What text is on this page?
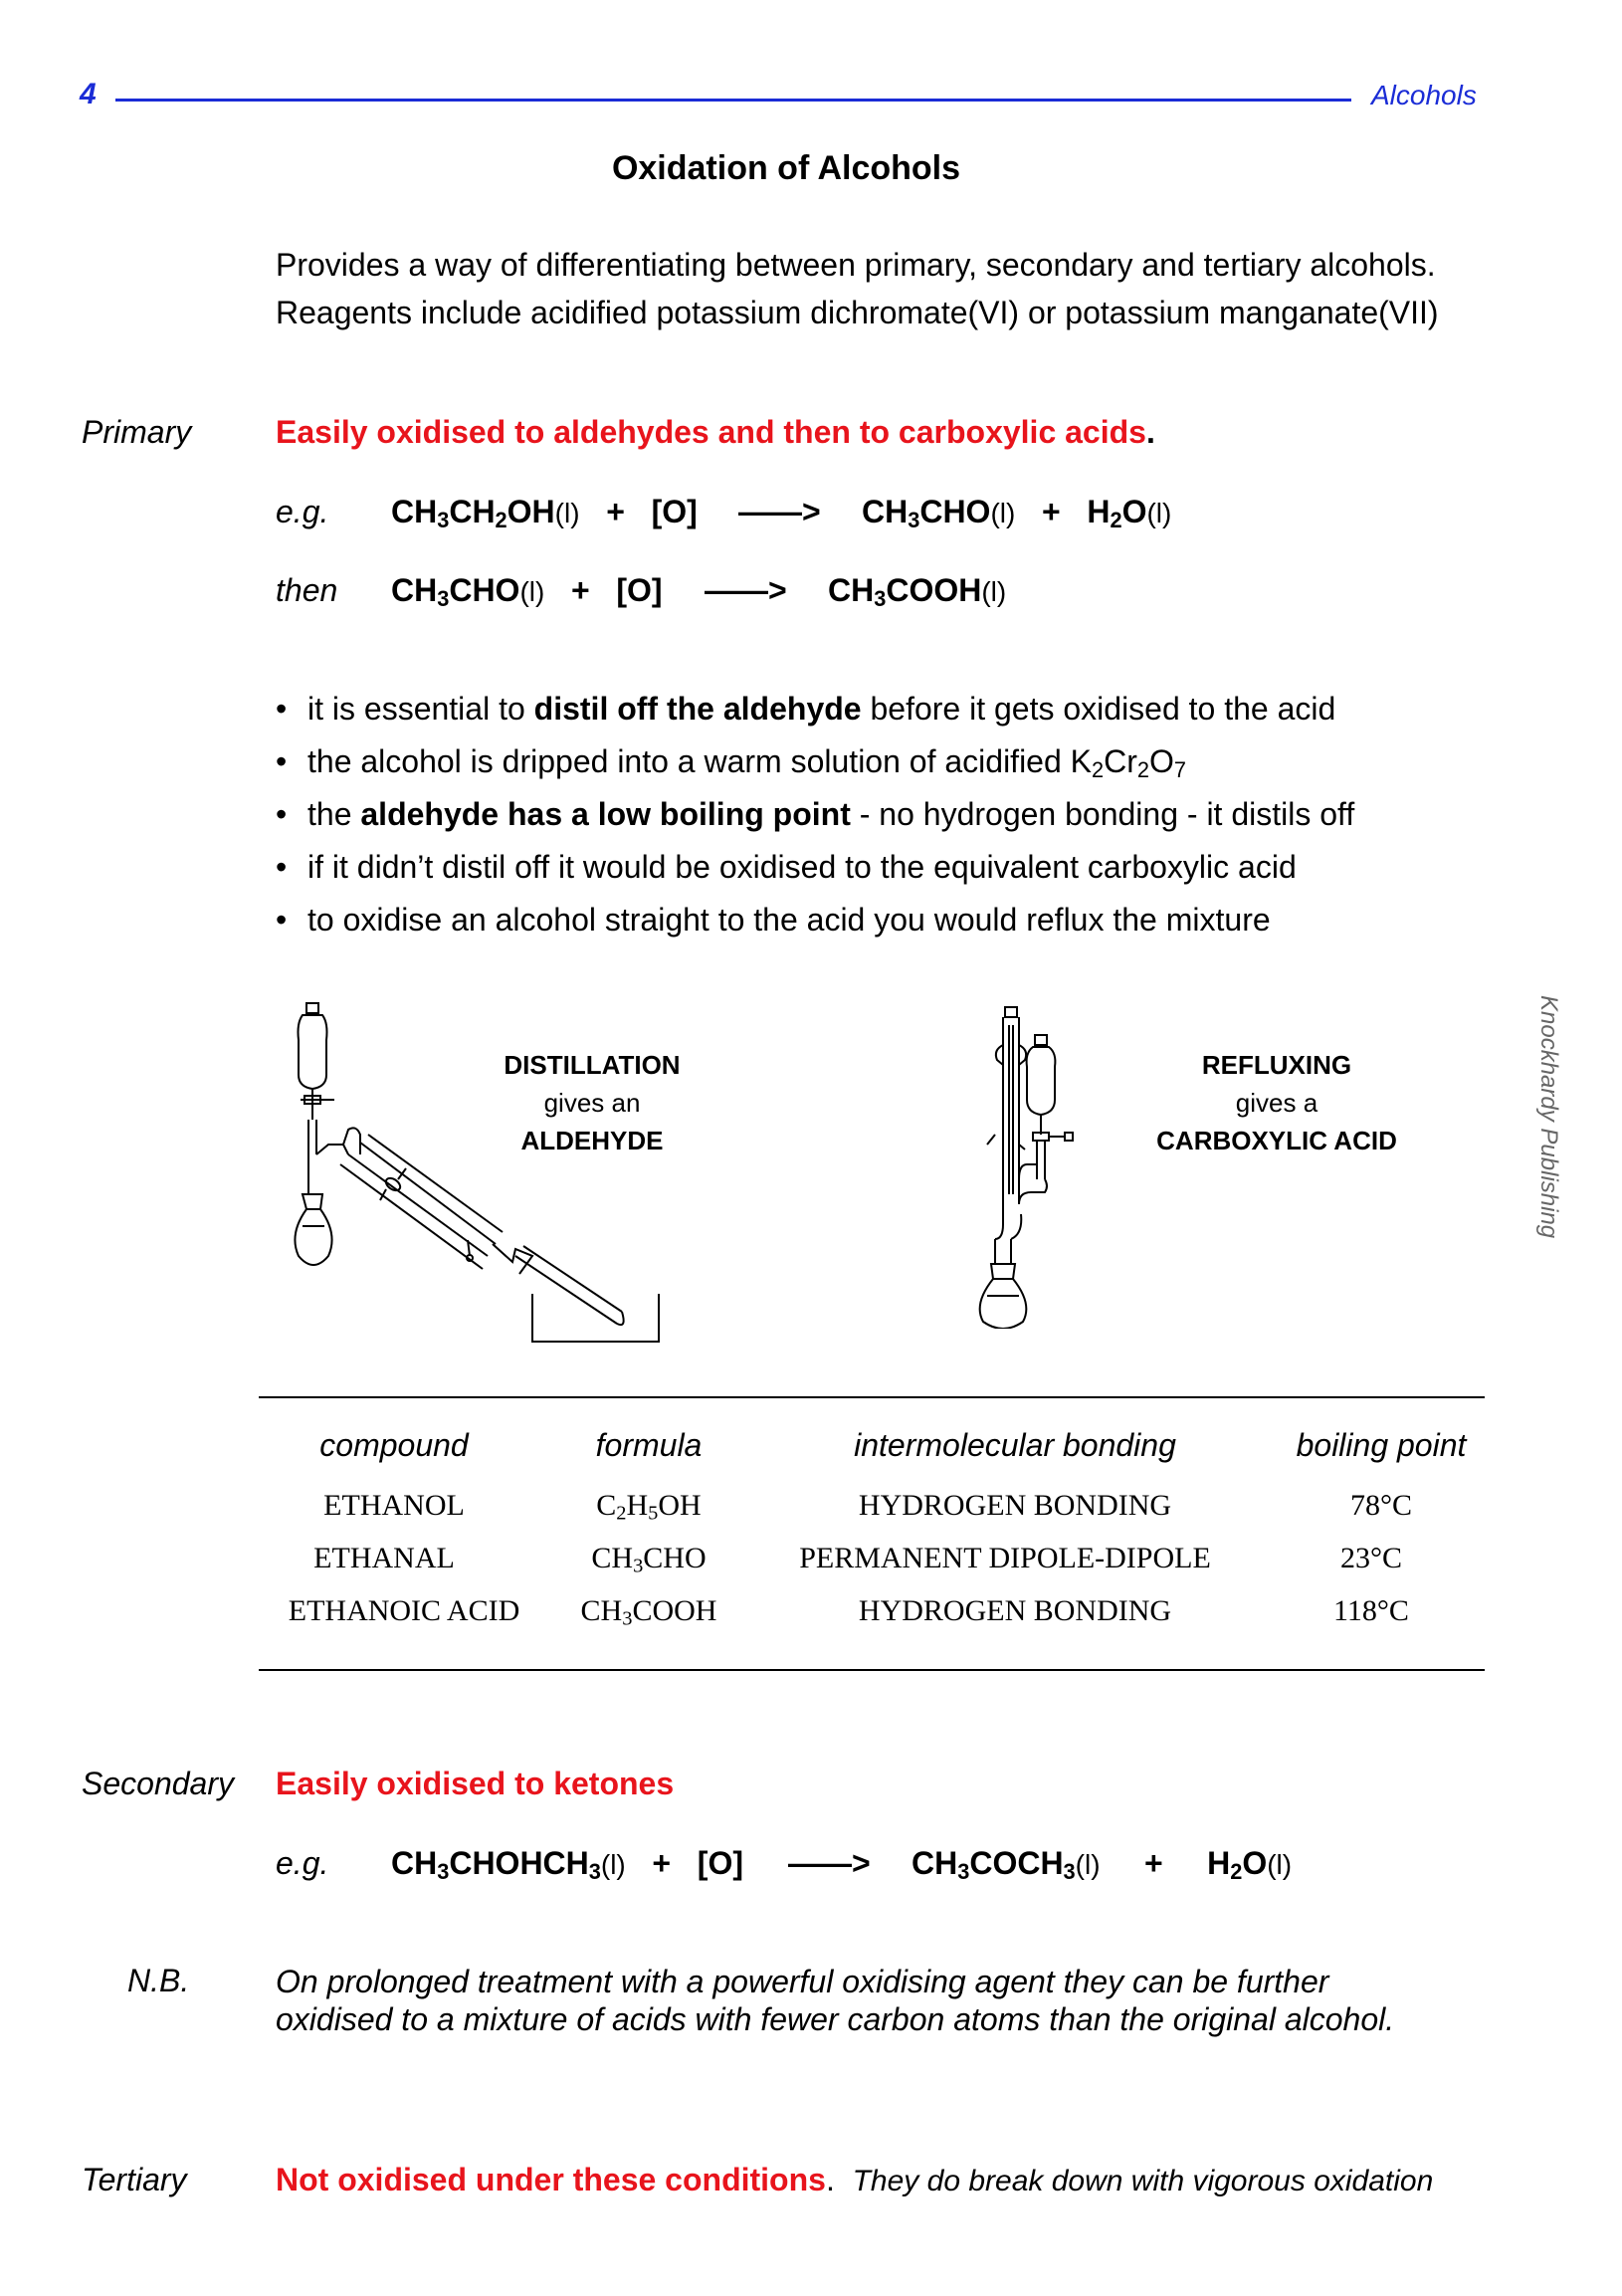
4	Alcohols
Knockhardy Publishing
Oxidation of Alcohols
Provides a way of differentiating between primary, secondary and tertiary alcohols.
Reagents include acidified potassium dichromate(VI) or potassium manganate(VII)
Primary	Easily oxidised to aldehydes and then to carboxylic acids.
e.g. $CH_3CH_2OH(l) + [O]$ ——> $CH_3CHO(l) + H_2O(l)$
then $CH_3CHO(l) + [O]$ ——> $CH_3COOH(l)$
• it is essential to distil off the aldehyde before it gets oxidised to the acid
• the alcohol is dripped into a warm solution of acidified $K_2Cr_2O_7$
• the aldehyde has a low boiling point - no hydrogen bonding - it distils off
• if it didn’t distil off it would be oxidised to the equivalent carboxylic acid
• to oxidise an alcohol straight to the acid you would reflux the mixture
DISTILLATION
gives an
ALDEHYDE
REFLUXING
gives a
CARBOXYLIC ACID
compound	formula	intermolecular bonding	boiling point
ETHANOL	$C_2H_5OH$	HYDROGEN BONDING	78°C
ETHANAL	$CH_3CHO$	PERMANENT DIPOLE-DIPOLE	23°C
ETHANOIC ACID	$CH_3COOH$	HYDROGEN BONDING	118°C
Secondary Easily oxidised to ketones
e.g. $CH_3CHOHCH_3(l) + [O]$ ——> $CH_3COCH_3(l) + H_2O(l)$
N.B.	On prolonged treatment with a powerful oxidising agent they can be further
oxidised to a mixture of acids with fewer carbon atoms than the original alcohol.
Tertiary	Not oxidised under these conditions. They do break down with vigorous oxidation
